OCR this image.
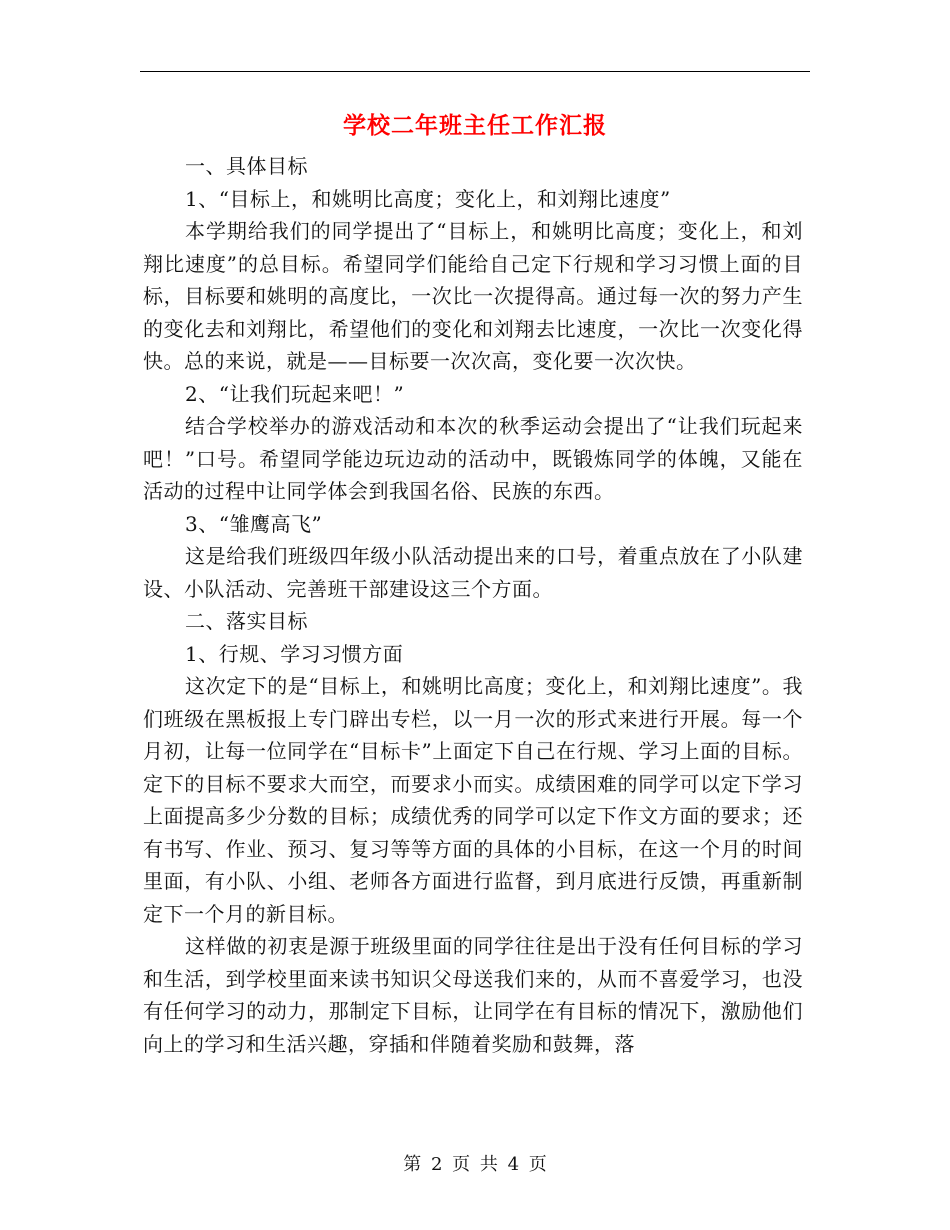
学校二年班主任工作汇报

一、具体目标

1、“目标上，和姚明比高度；变化上，和刘翔比速度”

本学期给我们的同学提出了“目标上，和姚明比高度；变化上，和刘翔比速度”的总目标。希望同学们能给自己定下行规和学习习惯上面的目标，目标要和姚明的高度比，一次比一次提得高。通过每一次的努力产生的变化去和刘翔比，希望他们的变化和刘翔去比速度，一次比一次变化得快。总的来说，就是——目标要一次次高，变化要一次次快。

2、“让我们玩起来吧！”

结合学校举办的游戏活动和本次的秋季运动会提出了“让我们玩起来吧！”口号。希望同学能边玩边动的活动中，既锻炼同学的体魄，又能在活动的过程中让同学体会到我国名俗、民族的东西。

3、“雏鹰高飞”

这是给我们班级四年级小队活动提出来的口号，着重点放在了小队建设、小队活动、完善班干部建设这三个方面。

二、落实目标

1、行规、学习习惯方面

这次定下的是“目标上，和姚明比高度；变化上，和刘翔比速度”。我们班级在黑板报上专门辟出专栏，以一月一次的形式来进行开展。每一个月初，让每一位同学在“目标卡”上面定下自己在行规、学习上面的目标。定下的目标不要求大而空，而要求小而实。成绩困难的同学可以定下学习上面提高多少分数的目标；成绩优秀的同学可以定下作文方面的要求；还有书写、作业、预习、复习等等方面的具体的小目标，在这一个月的时间里面，有小队、小组、老师各方面进行监督，到月底进行反馈，再重新制定下一个月的新目标。

这样做的初衷是源于班级里面的同学往往是出于没有任何目标的学习和生活，到学校里面来读书知识父母送我们来的，从而不喜爱学习，也没有任何学习的动力，那制定下目标，让同学在有目标的情况下，激励他们向上的学习和生活兴趣，穿插和伴随着奖励和鼓舞，落

第 2 页 共 4 页
